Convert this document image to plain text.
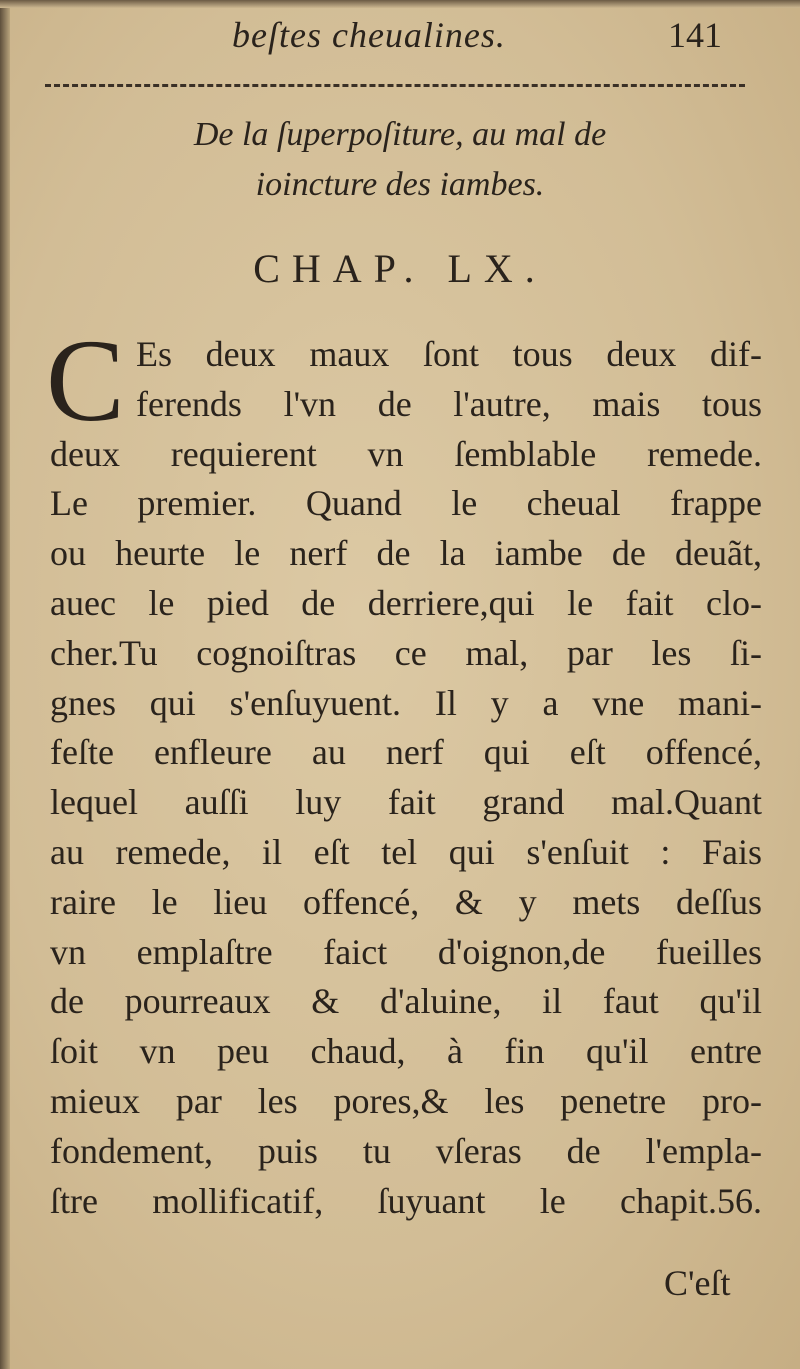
beſtes cheualines.	141
De la ſuperpoſiture, au mal de
ioincture des iambes.
CHAP. LX.
C Es deux maux ſont tous deux dif-
ferends l'vn de l'autre, mais tous
deux requierent vn ſemblable remede.
Le premier. Quand le cheual frappe
ou heurte le nerf de la iambe de deuãt,
auec le pied de derriere,qui le fait clo-
cher.Tu cognoiſtras ce mal, par les ſi-
gnes qui s'enſuyuent. Il y a vne mani-
feſte enfleure au nerf qui eſt offencé,
lequel auſſi luy fait grand mal.Quant
au remede, il eſt tel qui s'enſuit : Fais
raire le lieu offencé, & y mets deſſus
vn emplaſtre faict d'oignon,de fueilles
de pourreaux & d'aluine, il faut qu'il
ſoit vn peu chaud, à fin qu'il entre
mieux par les pores,& les penetre pro-
fondement, puis tu vſeras de l'empla-
ſtre mollificatif, ſuyuant le chapit.56.
C'eſt
